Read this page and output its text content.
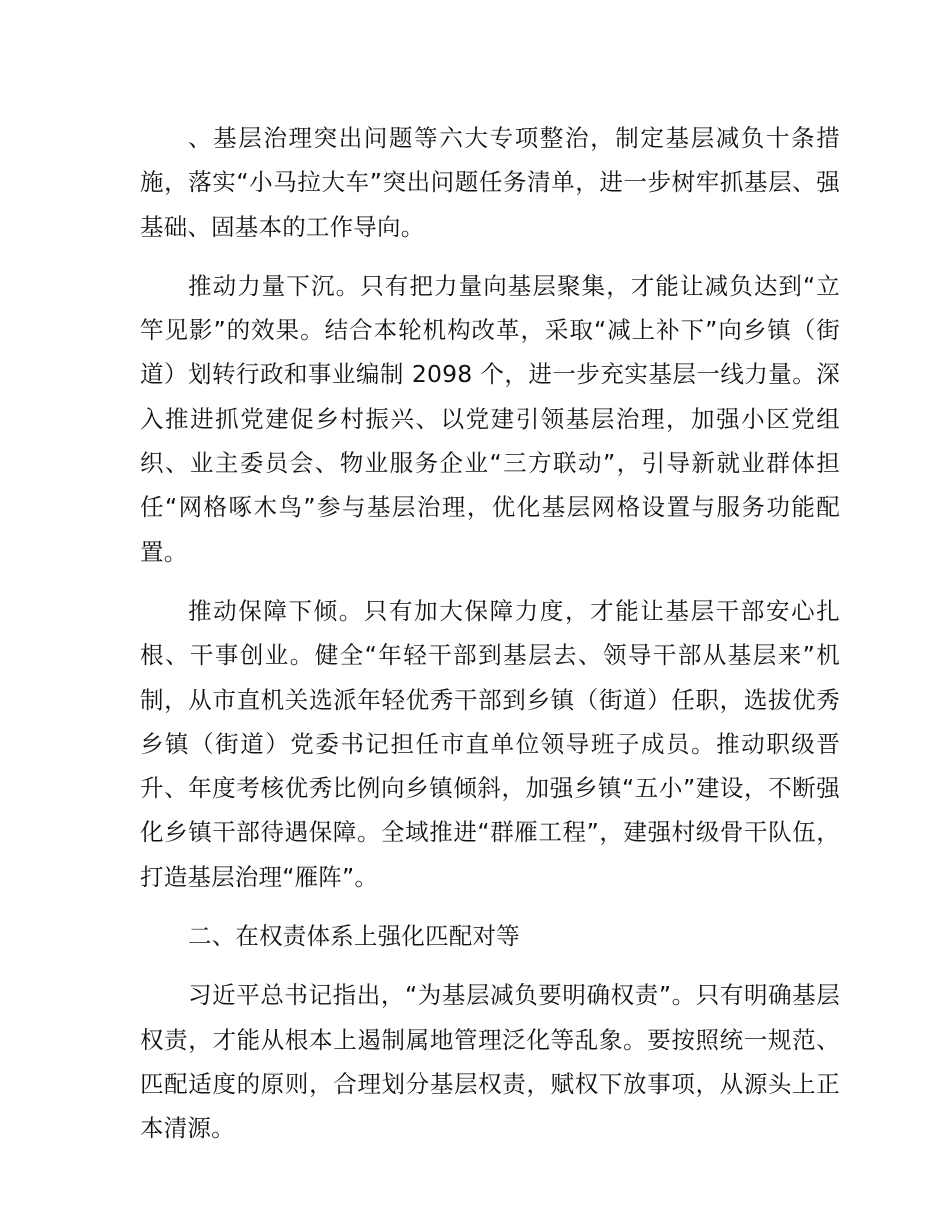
、基层治理突出问题等六大专项整治，制定基层减负十条措施，落实“小马拉大车”突出问题任务清单，进一步树牢抓基层、强基础、固基本的工作导向。

推动力量下沉。只有把力量向基层聚集，才能让减负达到“立竿见影”的效果。结合本轮机构改革，采取“减上补下”向乡镇（街道）划转行政和事业编制 2098 个，进一步充实基层一线力量。深入推进抓党建促乡村振兴、以党建引领基层治理，加强小区党组织、业主委员会、物业服务企业“三方联动”，引导新就业群体担任“网格啄木鸟”参与基层治理，优化基层网格设置与服务功能配置。

推动保障下倾。只有加大保障力度，才能让基层干部安心扎根、干事创业。健全“年轻干部到基层去、领导干部从基层来”机制，从市直机关选派年轻优秀干部到乡镇（街道）任职，选拔优秀乡镇（街道）党委书记担任市直单位领导班子成员。推动职级晋升、年度考核优秀比例向乡镇倾斜，加强乡镇“五小”建设，不断强化乡镇干部待遇保障。全域推进“群雁工程”，建强村级骨干队伍，打造基层治理“雁阵”。

二、在权责体系上强化匹配对等

习近平总书记指出，“为基层减负要明确权责”。只有明确基层权责，才能从根本上遏制属地管理泛化等乱象。要按照统一规范、匹配适度的原则，合理划分基层权责，赋权下放事项，从源头上正本清源。
